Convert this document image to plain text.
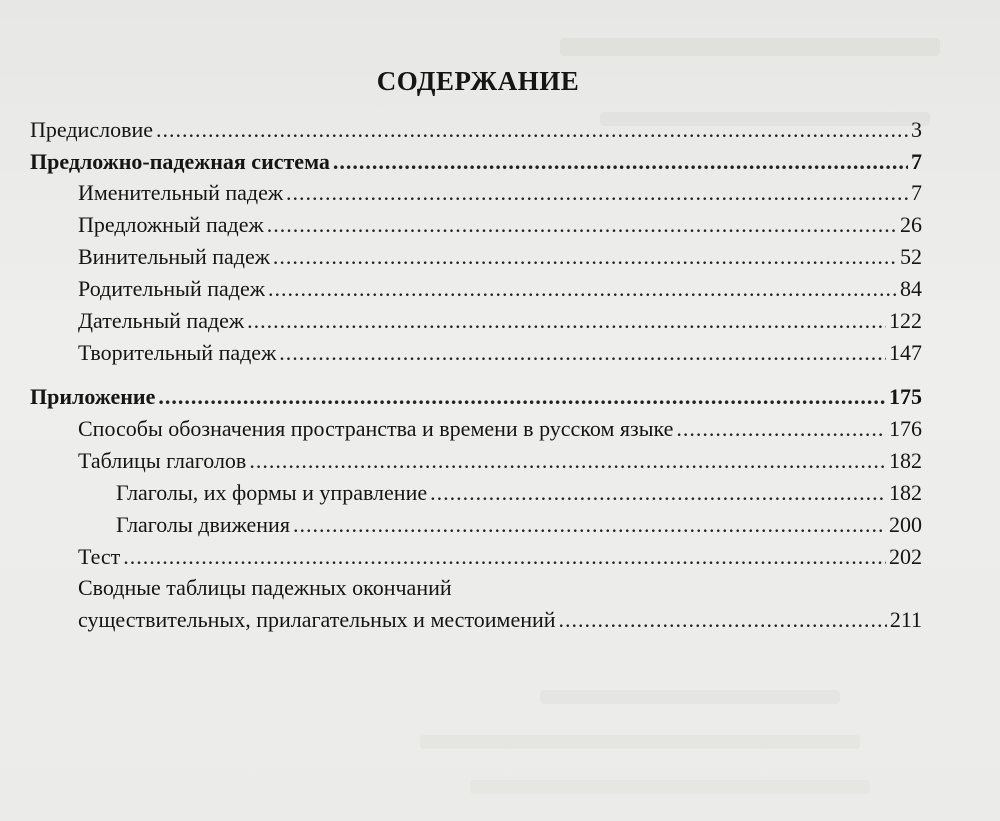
СОДЕРЖАНИЕ
Предисловие .....	3
Предложно-падежная система .....	7
Именительный падеж .....	7
Предложный падеж .....	26
Винительный падеж .....	52
Родительный падеж .....	84
Дательный падеж .....	122
Творительный падеж .....	147
Приложение .....	175
Способы обозначения пространства и времени в русском языке .....	176
Таблицы глаголов .....	182
Глаголы, их формы и управление .....	182
Глаголы движения .....	200
Тест .....	202
Сводные таблицы падежных окончаний
существительных, прилагательных и местоимений .....	211
